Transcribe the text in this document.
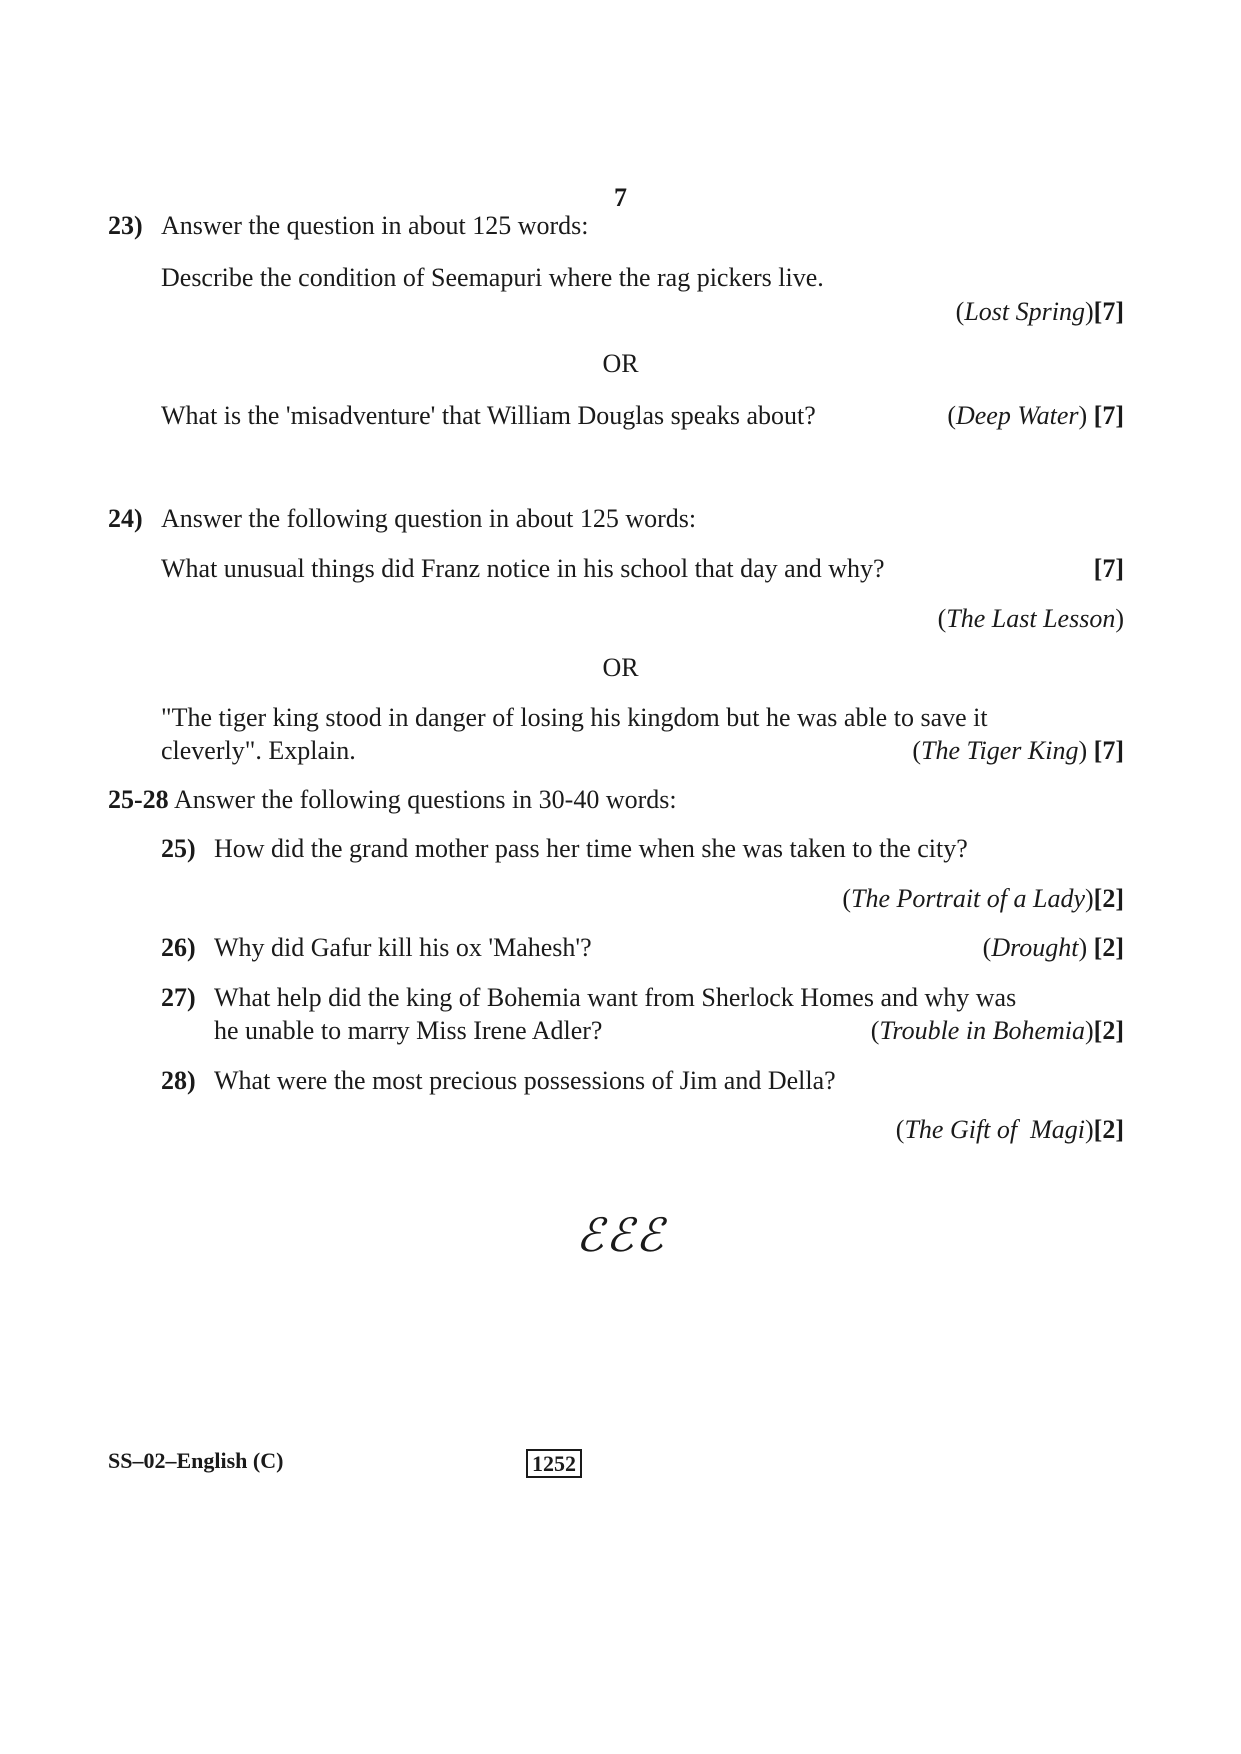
7
23) Answer the question in about 125 words:
Describe the condition of Seemapuri where the rag pickers live.
(Lost Spring)[7]
OR
What is the 'misadventure' that William Douglas speaks about?	(Deep Water) [7]
24) Answer the following question in about 125 words:
What unusual things did Franz notice in his school that day and why?	[7]
(The Last Lesson)
OR
"The tiger king stood in danger of losing his kingdom but he was able to save it
cleverly". Explain.	(The Tiger King) [7]
25-28 Answer the following questions in 30-40 words:
25) How did the grand mother pass her time when she was taken to the city?
(The Portrait of a Lady)[2]
26) Why did Gafur kill his ox 'Mahesh'?	(Drought) [2]
27) What help did the king of Bohemia want from Sherlock Homes and why was
he unable to marry Miss Irene Adler?	(Trouble in Bohemia)[2]
28) What were the most precious possessions of Jim and Della?
(The Gift of  Magi)[2]
ℰℰℰ
SS–02–English (C)	1252
